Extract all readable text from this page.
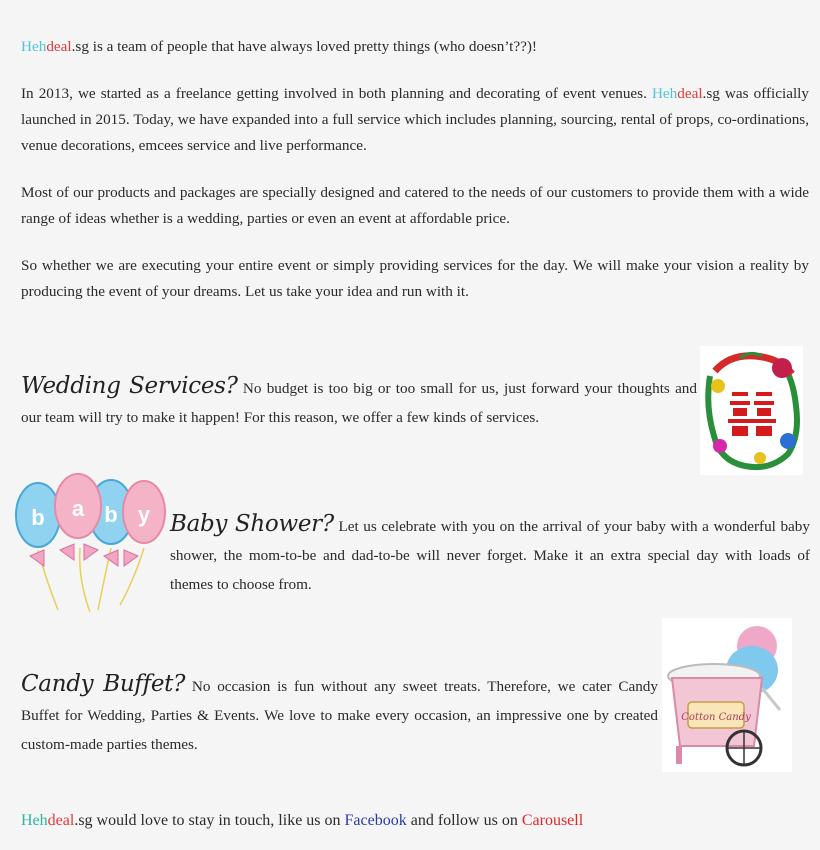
Hehdeal.sg is a team of people that have always loved pretty things (who doesn’t??)!

In 2013, we started as a freelance getting involved in both planning and decorating of event venues. Hehdeal.sg was officially launched in 2015. Today, we have expanded into a full service which includes planning, sourcing, rental of props, co-ordinations, venue decorations, emcees service and live performance.

Most of our products and packages are specially designed and catered to the needs of our customers to provide them with a wide range of ideas whether is a wedding, parties or even an event at affordable price.

So whether we are executing your entire event or simply providing services for the day. We will make your vision a reality by producing the event of your dreams. Let us take your idea and run with it.

Wedding Services? No budget is too big or too small for us, just forward your thoughts and our team will try to make it happen! For this reason, we offer a few kinds of services.

b a b y Baby Shower? Let us celebrate with you on the arrival of your baby with a wonderful baby shower, the mom-to-be and dad-to-be will never forget. Make it an extra special day with loads of themes to choose from.

Candy Buffet? No occasion is fun without any sweet treats. Therefore, we cater Candy Buffet for Wedding, Parties & Events. We love to make every occasion, an impressive one by created custom-made parties themes.

Cotton Candy

Hehdeal.sg would love to stay in touch, like us on Facebook and follow us on Carousell
